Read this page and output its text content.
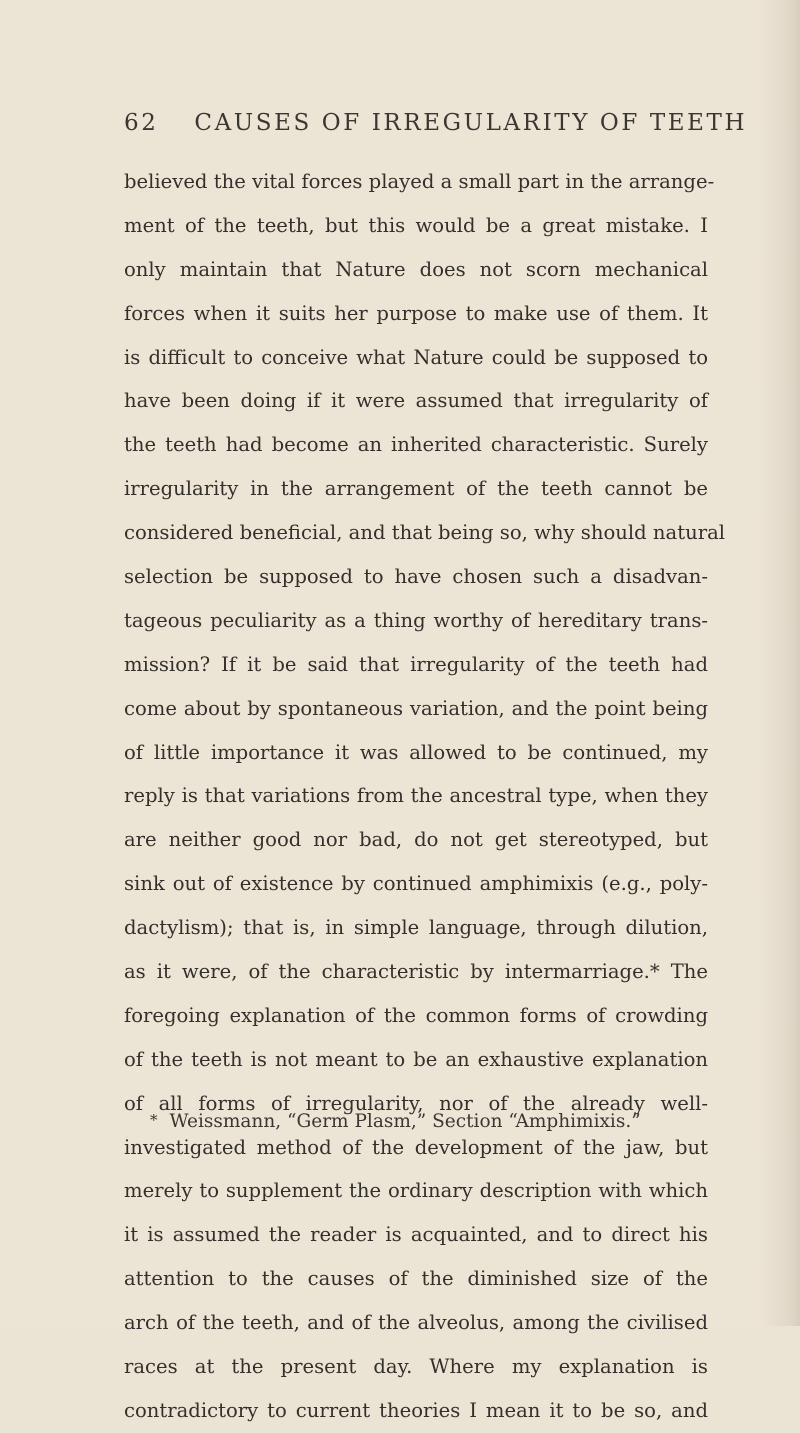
62 CAUSES OF IRREGULARITY OF TEETH
believed the vital forces played a small part in the arrange-
ment of the teeth, but this would be a great mistake. I
only maintain that Nature does not scorn mechanical
forces when it suits her purpose to make use of them. It
is difficult to conceive what Nature could be supposed to
have been doing if it were assumed that irregularity of
the teeth had become an inherited characteristic. Surely
irregularity in the arrangement of the teeth cannot be
considered beneficial, and that being so, why should natural
selection be supposed to have chosen such a disadvan-
tageous peculiarity as a thing worthy of hereditary trans-
mission? If it be said that irregularity of the teeth had
come about by spontaneous variation, and the point being
of little importance it was allowed to be continued, my
reply is that variations from the ancestral type, when they
are neither good nor bad, do not get stereotyped, but
sink out of existence by continued amphimixis (e.g., poly-
dactylism); that is, in simple language, through dilution,
as it were, of the characteristic by intermarriage.* The
foregoing explanation of the common forms of crowding
of the teeth is not meant to be an exhaustive explanation
of all forms of irregularity, nor of the already well-
investigated method of the development of the jaw, but
merely to supplement the ordinary description with which
it is assumed the reader is acquainted, and to direct his
attention to the causes of the diminished size of the
arch of the teeth, and of the alveolus, among the civilised
races at the present day. Where my explanation is
contradictory to current theories I mean it to be so, and
* Weissmann, “Germ Plasm,” Section “Amphimixis.”
